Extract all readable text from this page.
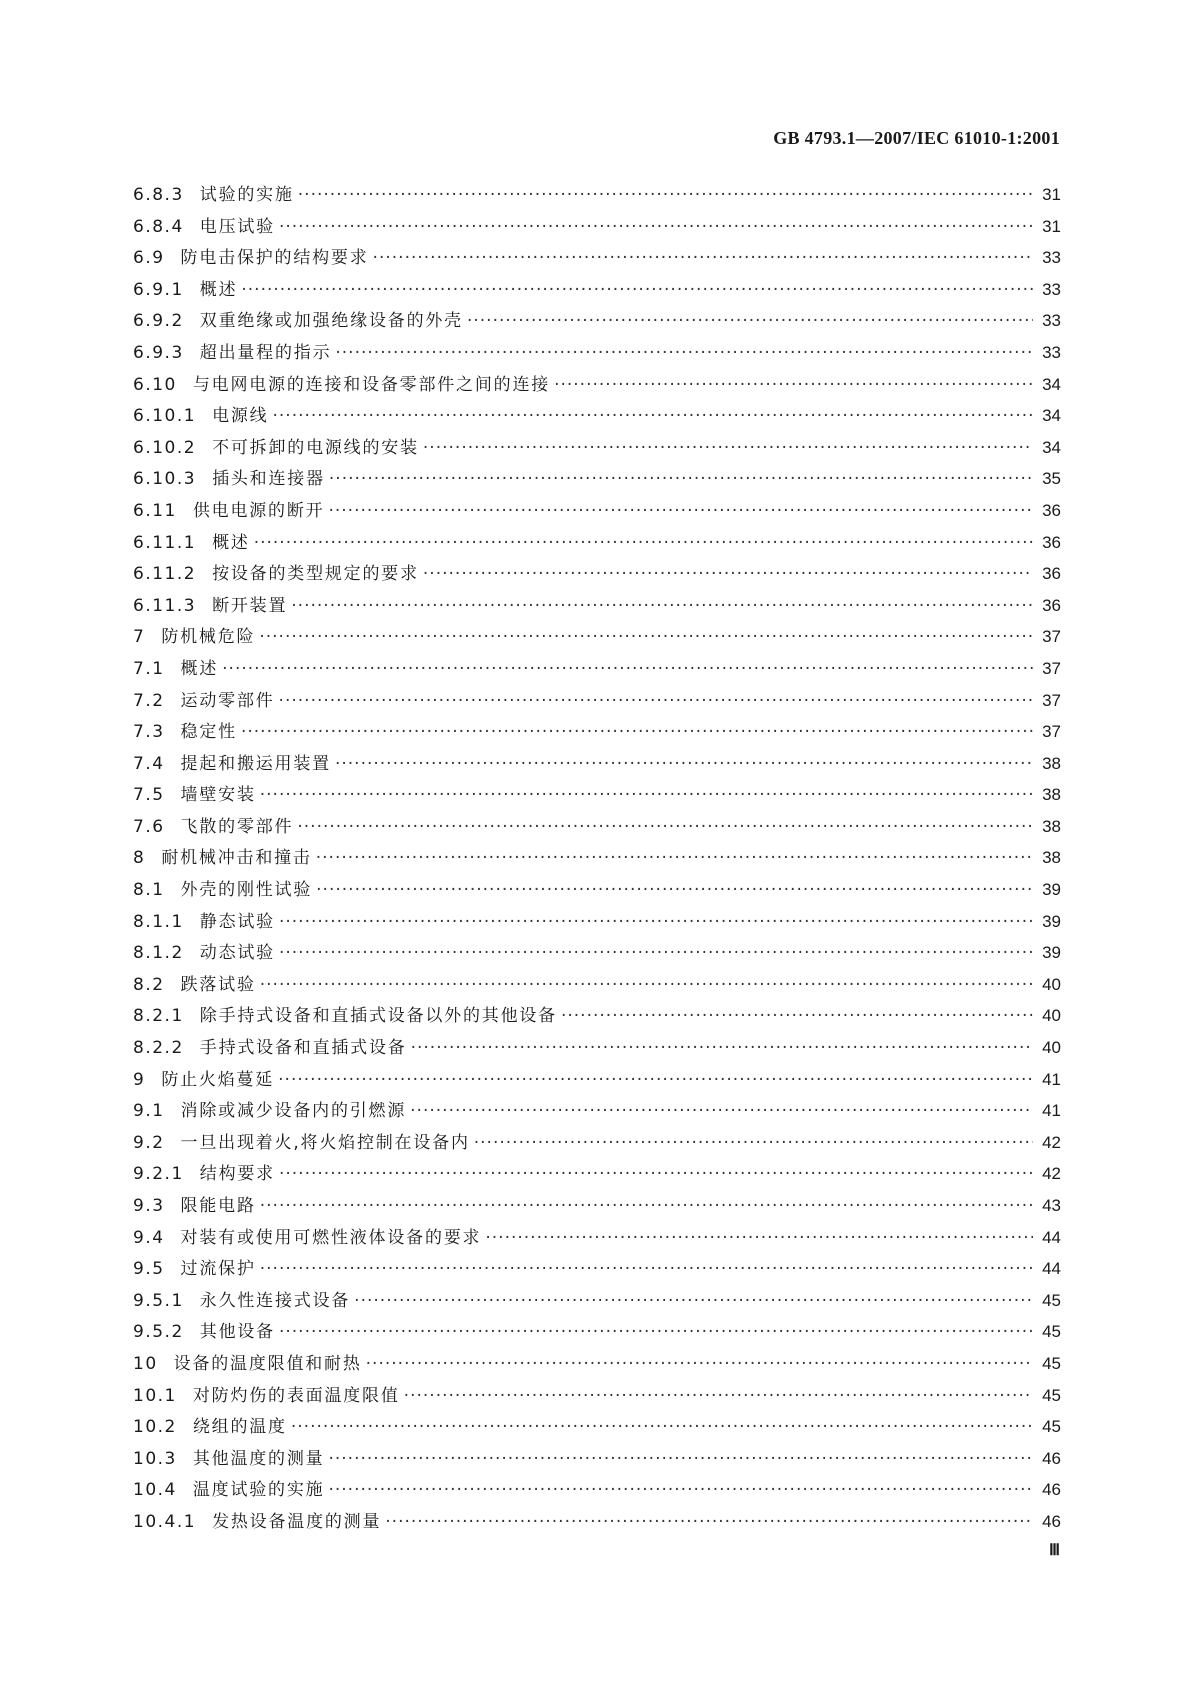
GB 4793.1—2007/IEC 61010-1:2001
6.8.3 试验的实施 ·····	31
6.8.4 电压试验 ·····	31
6.9 防电击保护的结构要求 ·····	33
6.9.1 概述 ·····	33
6.9.2 双重绝缘或加强绝缘设备的外壳 ·····	33
6.9.3 超出量程的指示 ·····	33
6.10 与电网电源的连接和设备零部件之间的连接 ·····	34
6.10.1 电源线 ·····	34
6.10.2 不可拆卸的电源线的安装 ·····	34
6.10.3 插头和连接器 ·····	35
6.11 供电电源的断开 ·····	36
6.11.1 概述 ·····	36
6.11.2 按设备的类型规定的要求 ·····	36
6.11.3 断开装置 ·····	36
7 防机械危险 ·····	37
7.1 概述 ·····	37
7.2 运动零部件 ·····	37
7.3 稳定性 ·····	37
7.4 提起和搬运用装置 ·····	38
7.5 墙壁安装 ·····	38
7.6 飞散的零部件 ·····	38
8 耐机械冲击和撞击 ·····	38
8.1 外壳的刚性试验 ·····	39
8.1.1 静态试验 ·····	39
8.1.2 动态试验 ·····	39
8.2 跌落试验 ·····	40
8.2.1 除手持式设备和直插式设备以外的其他设备 ·····	40
8.2.2 手持式设备和直插式设备 ·····	40
9 防止火焰蔓延 ·····	41
9.1 消除或减少设备内的引燃源 ·····	41
9.2 一旦出现着火,将火焰控制在设备内 ·····	42
9.2.1 结构要求 ·····	42
9.3 限能电路 ·····	43
9.4 对装有或使用可燃性液体设备的要求 ·····	44
9.5 过流保护 ·····	44
9.5.1 永久性连接式设备 ·····	45
9.5.2 其他设备 ·····	45
10 设备的温度限值和耐热 ·····	45
10.1 对防灼伤的表面温度限值 ·····	45
10.2 绕组的温度 ·····	45
10.3 其他温度的测量 ·····	46
10.4 温度试验的实施 ·····	46
10.4.1 发热设备温度的测量 ·····	46
Ⅲ
